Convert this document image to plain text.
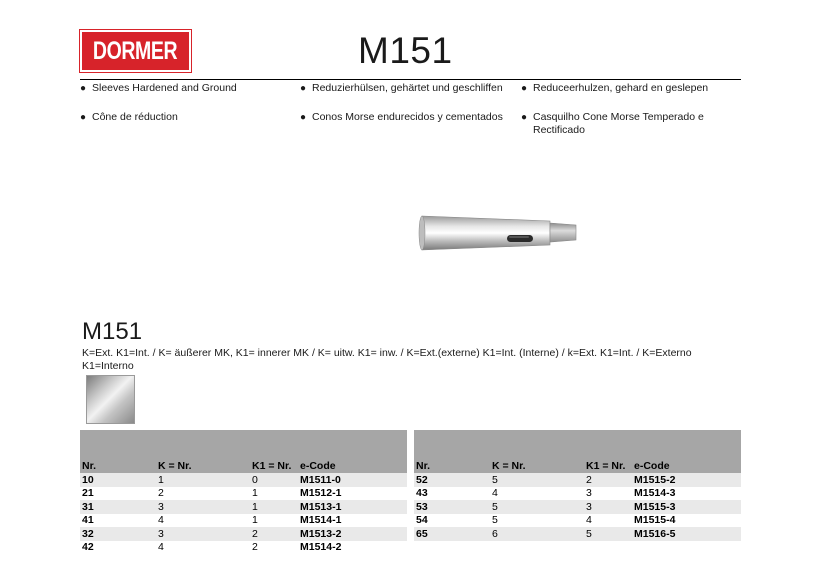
DORMER	M151
● Sleeves Hardened and Ground	● Reduzierhülsen, gehärtet und geschliffen ● Reduceerhulzen, gehard en geslepen
● Cône de réduction	● Conos Morse endurecidos y cementados ● Casquilho Cone Morse Temperado e Rectificado
M151
K=Ext. K1=Int. / K= äußerer MK, K1= innerer MK / K= uitw. K1= inw. / K=Ext.(externe) K1=Int. (Interne) / k=Ext. K1=Int. / K=Externo K1=Interno
Nr.	K = Nr.	K1 = Nr.	e-Code
10	1	0	M1511-0
21	2	1	M1512-1
31	3	1	M1513-1
41	4	1	M1514-1
32	3	2	M1513-2
42	4	2	M1514-2
Nr.	K = Nr.	K1 = Nr.	e-Code
52	5	2	M1515-2
43	4	3	M1514-3
53	5	3	M1515-3
54	5	4	M1515-4
65	6	5	M1516-5
